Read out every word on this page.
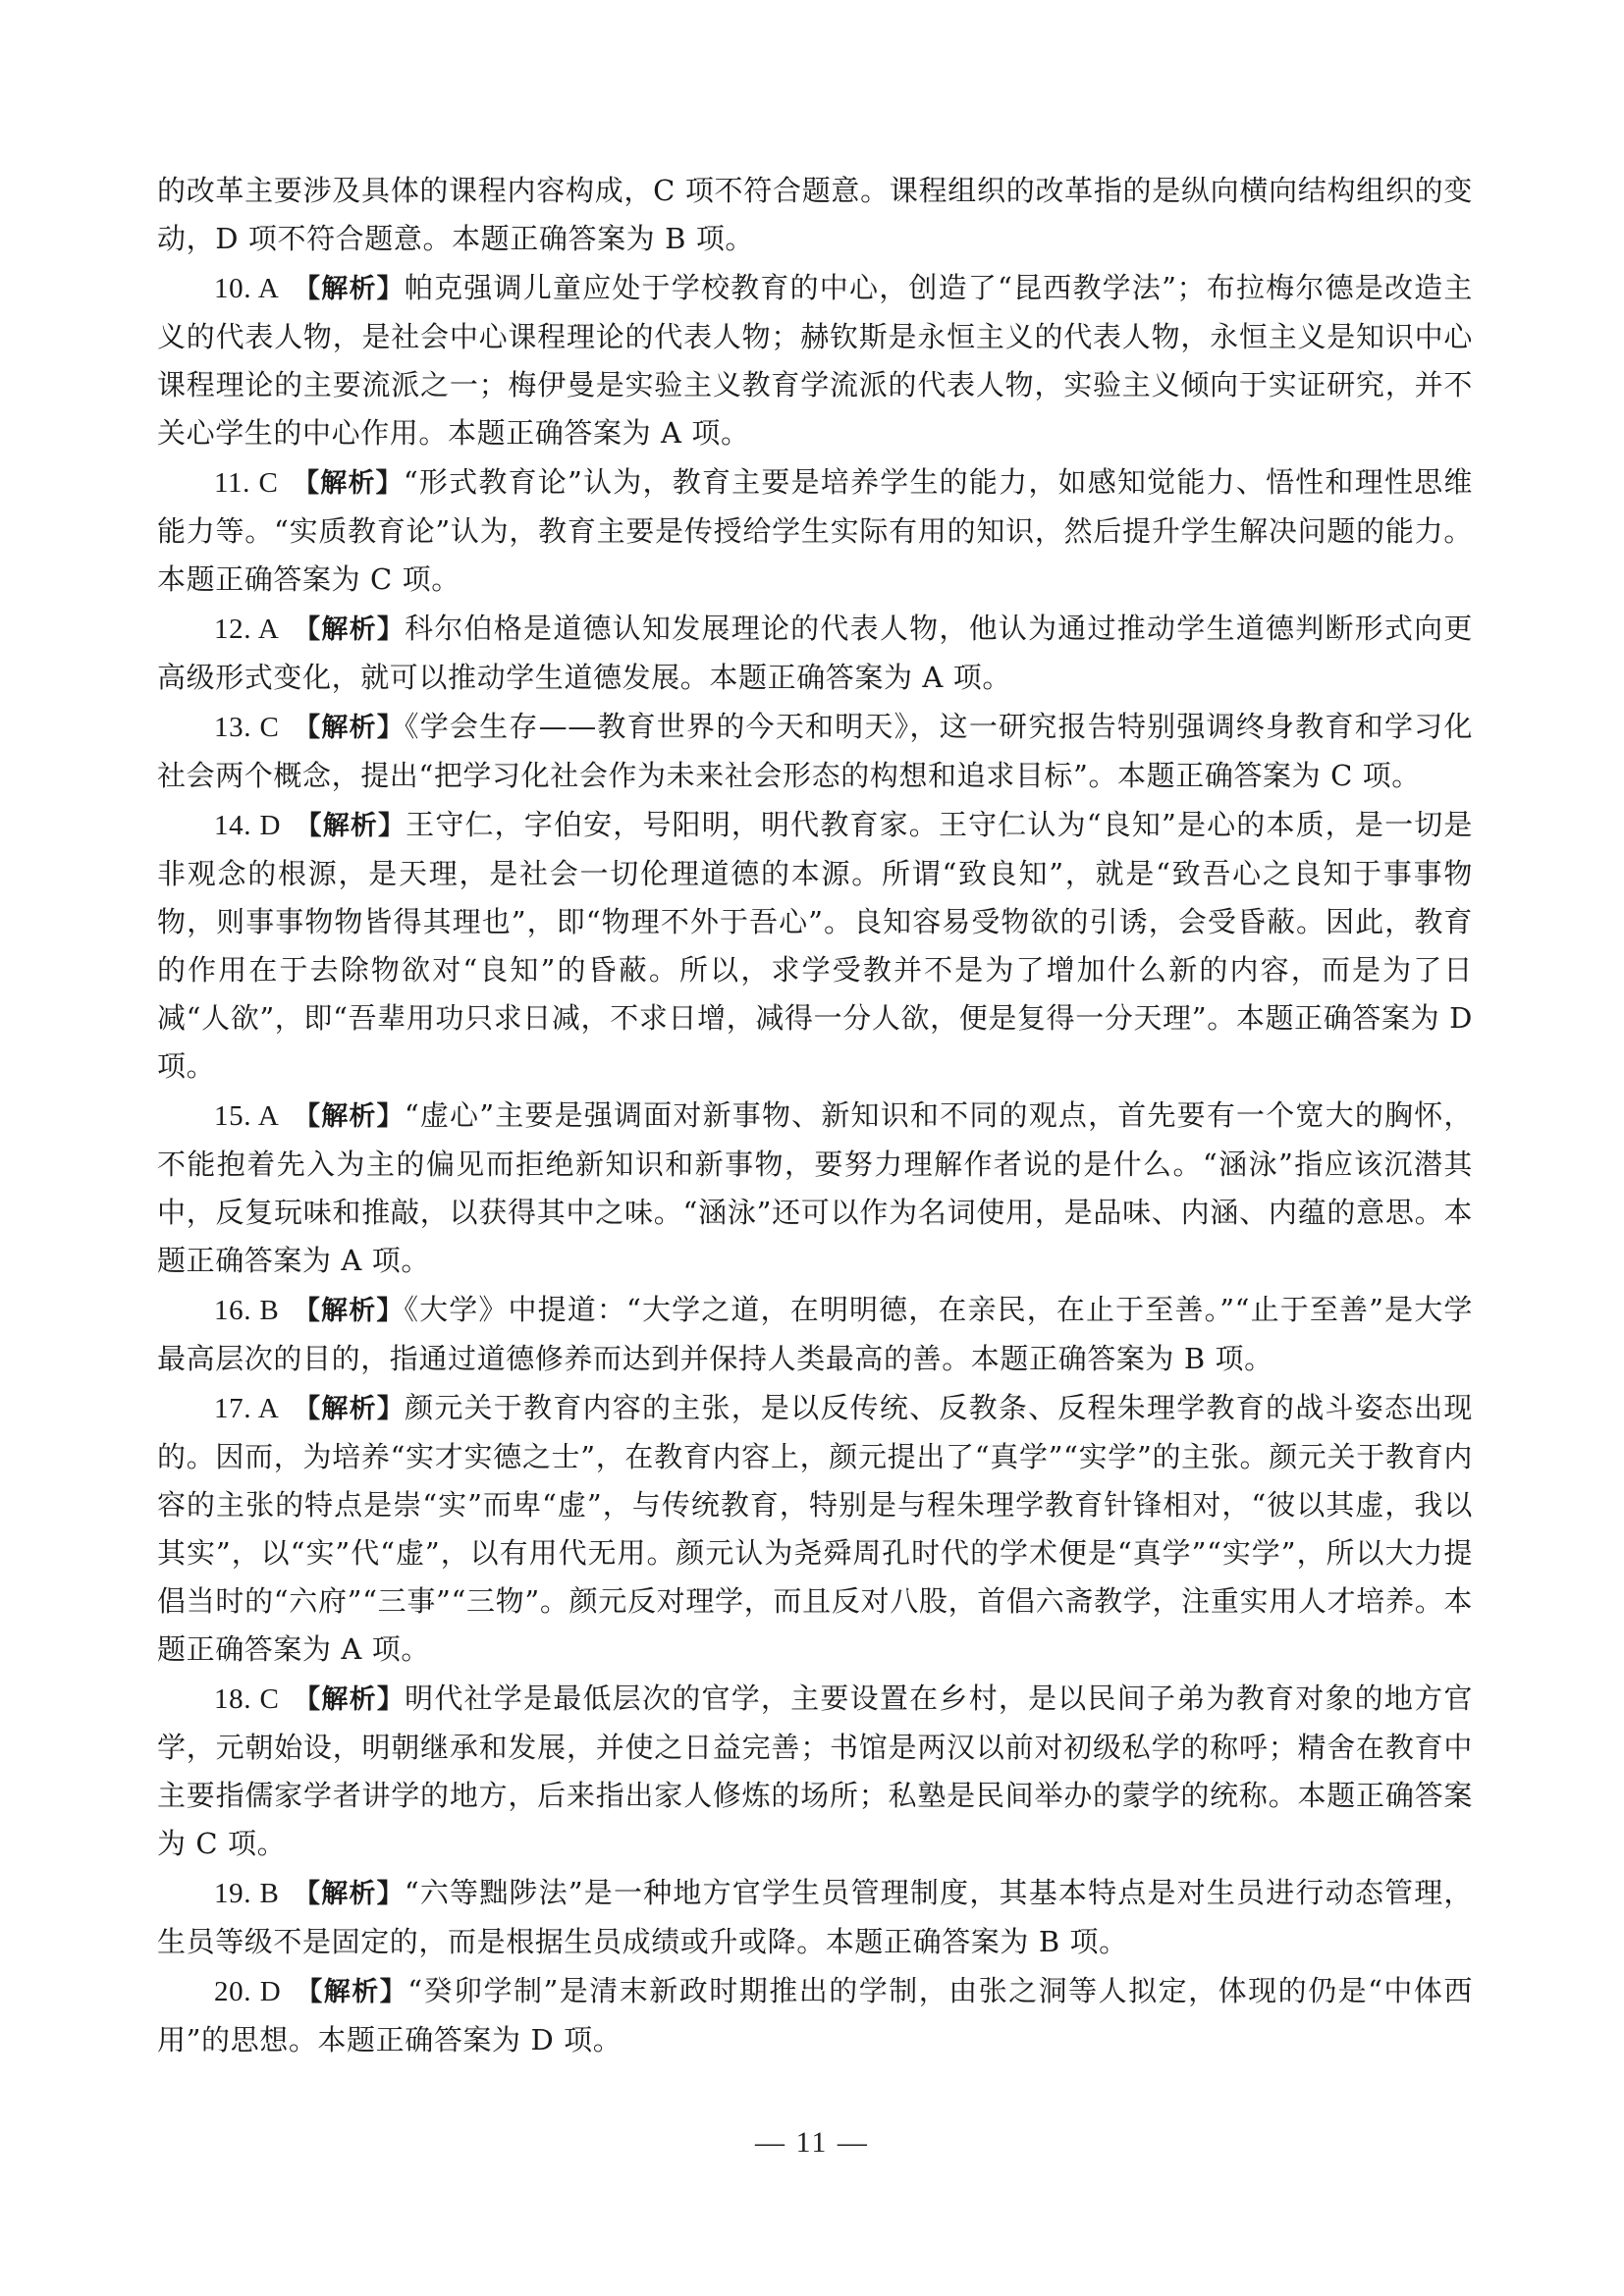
的改革主要涉及具体的课程内容构成，C 项不符合题意。课程组织的改革指的是纵向横向结构组织的变动，D 项不符合题意。本题正确答案为 B 项。

10. A 【解析】帕克强调儿童应处于学校教育的中心，创造了“昆西教学法”；布拉梅尔德是改造主义的代表人物，是社会中心课程理论的代表人物；赫钦斯是永恒主义的代表人物，永恒主义是知识中心课程理论的主要流派之一；梅伊曼是实验主义教育学流派的代表人物，实验主义倾向于实证研究，并不关心学生的中心作用。本题正确答案为 A 项。

11. C 【解析】“形式教育论”认为，教育主要是培养学生的能力，如感知觉能力、悟性和理性思维能力等。“实质教育论”认为，教育主要是传授给学生实际有用的知识，然后提升学生解决问题的能力。本题正确答案为 C 项。

12. A 【解析】科尔伯格是道德认知发展理论的代表人物，他认为通过推动学生道德判断形式向更高级形式变化，就可以推动学生道德发展。本题正确答案为 A 项。

13. C 【解析】《学会生存——教育世界的今天和明天》，这一研究报告特别强调终身教育和学习化社会两个概念，提出“把学习化社会作为未来社会形态的构想和追求目标”。本题正确答案为 C 项。

14. D 【解析】王守仁，字伯安，号阳明，明代教育家。王守仁认为“良知”是心的本质，是一切是非观念的根源，是天理，是社会一切伦理道德的本源。所谓“致良知”，就是“致吾心之良知于事事物物，则事事物物皆得其理也”，即“物理不外于吾心”。良知容易受物欲的引诱，会受昏蔽。因此，教育的作用在于去除物欲对“良知”的昏蔽。所以，求学受教并不是为了增加什么新的内容，而是为了日减“人欲”，即“吾辈用功只求日减，不求日增，减得一分人欲，便是复得一分天理”。本题正确答案为 D 项。

15. A 【解析】“虚心”主要是强调面对新事物、新知识和不同的观点，首先要有一个宽大的胸怀，不能抱着先入为主的偏见而拒绝新知识和新事物，要努力理解作者说的是什么。“涵泳”指应该沉潜其中，反复玩味和推敲，以获得其中之味。“涵泳”还可以作为名词使用，是品味、内涵、内蕴的意思。本题正确答案为 A 项。

16. B 【解析】《大学》中提道：“大学之道，在明明德，在亲民，在止于至善。”“止于至善”是大学最高层次的目的，指通过道德修养而达到并保持人类最高的善。本题正确答案为 B 项。

17. A 【解析】颜元关于教育内容的主张，是以反传统、反教条、反程朱理学教育的战斗姿态出现的。因而，为培养“实才实德之士”，在教育内容上，颜元提出了“真学”“实学”的主张。颜元关于教育内容的主张的特点是崇“实”而卑“虚”，与传统教育，特别是与程朱理学教育针锋相对，“彼以其虚，我以其实”，以“实”代“虚”，以有用代无用。颜元认为尧舜周孔时代的学术便是“真学”“实学”，所以大力提倡当时的“六府”“三事”“三物”。颜元反对理学，而且反对八股，首倡六斋教学，注重实用人才培养。本题正确答案为 A 项。

18. C 【解析】明代社学是最低层次的官学，主要设置在乡村，是以民间子弟为教育对象的地方官学，元朝始设，明朝继承和发展，并使之日益完善；书馆是两汉以前对初级私学的称呼；精舍在教育中主要指儒家学者讲学的地方，后来指出家人修炼的场所；私塾是民间举办的蒙学的统称。本题正确答案为 C 项。

19. B 【解析】“六等黜陟法”是一种地方官学生员管理制度，其基本特点是对生员进行动态管理，生员等级不是固定的，而是根据生员成绩或升或降。本题正确答案为 B 项。

20. D 【解析】“癸卯学制”是清末新政时期推出的学制，由张之洞等人拟定，体现的仍是“中体西用”的思想。本题正确答案为 D 项。

— 11 —
